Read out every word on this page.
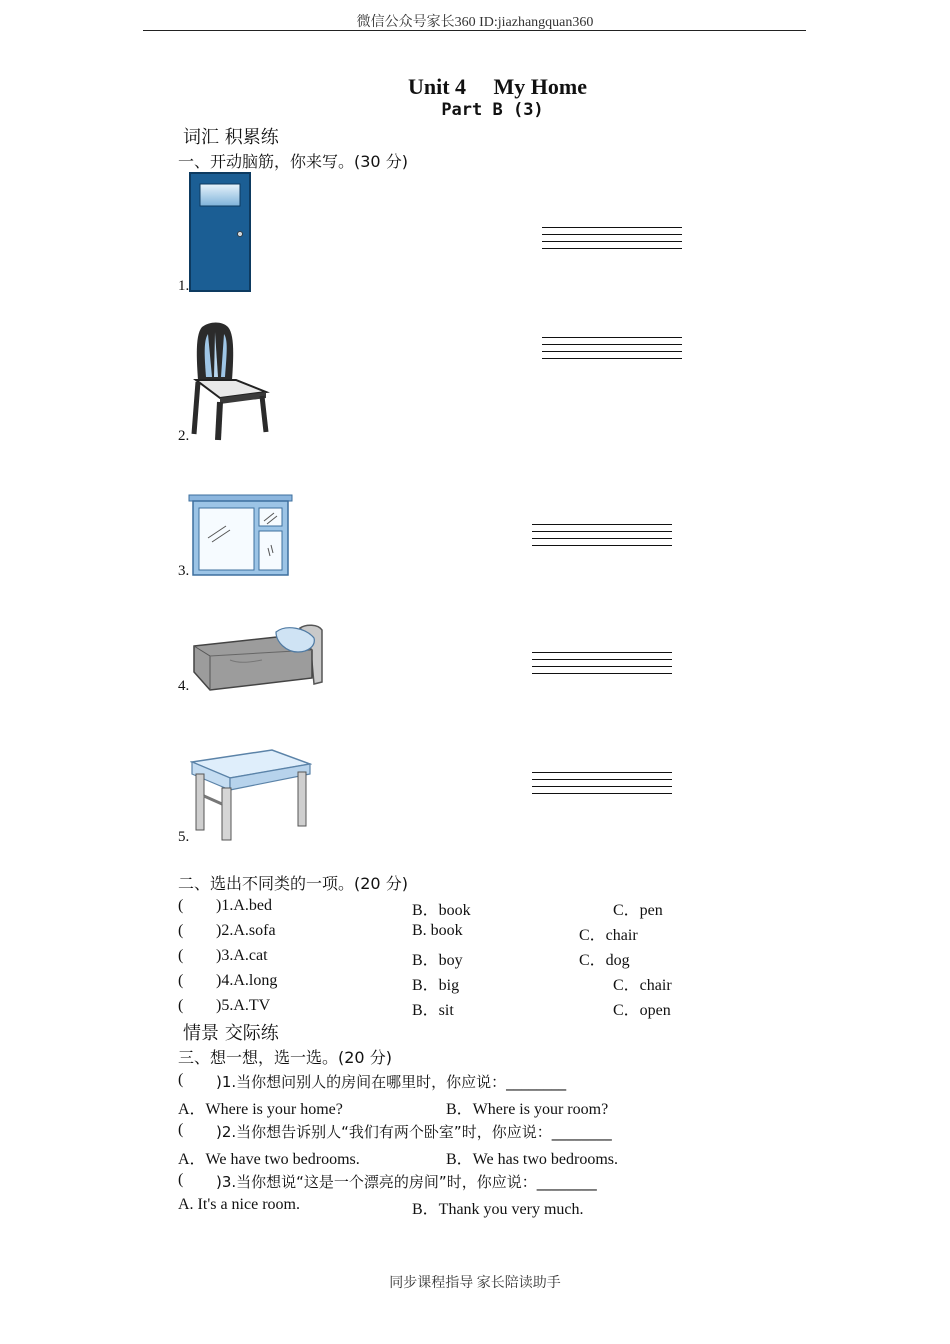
微信公众号家长360 ID:jiazhangquan360
Unit 4　 My Home
Part B (3)
词汇 积累练
一、开动脑筋，你来写。(30 分)
1.
2.
3.
4.
5.
二、选出不同类的一项。(20 分)
( )1.A.bed	B．book	C．pen
( )2.A.sofa	B. book	C．chair
( )3.A.cat	B．boy	C．dog
( )4.A.long	B．big	C．chair
( )5.A.TV	B．sit	C．open
情景 交际练
三、想一想，选一选。(20 分)
( )1.当你想问别人的房间在哪里时，你应说：________
A．Where is your home?	B．Where is your room?
( )2.当你想告诉别人“我们有两个卧室”时，你应说：________
A．We have two bedrooms.	B．We has two bedrooms.
( )3.当你想说“这是一个漂亮的房间”时，你应说：________
A. It's a nice room.	B．Thank you very much.
同步课程指导 家长陪读助手
